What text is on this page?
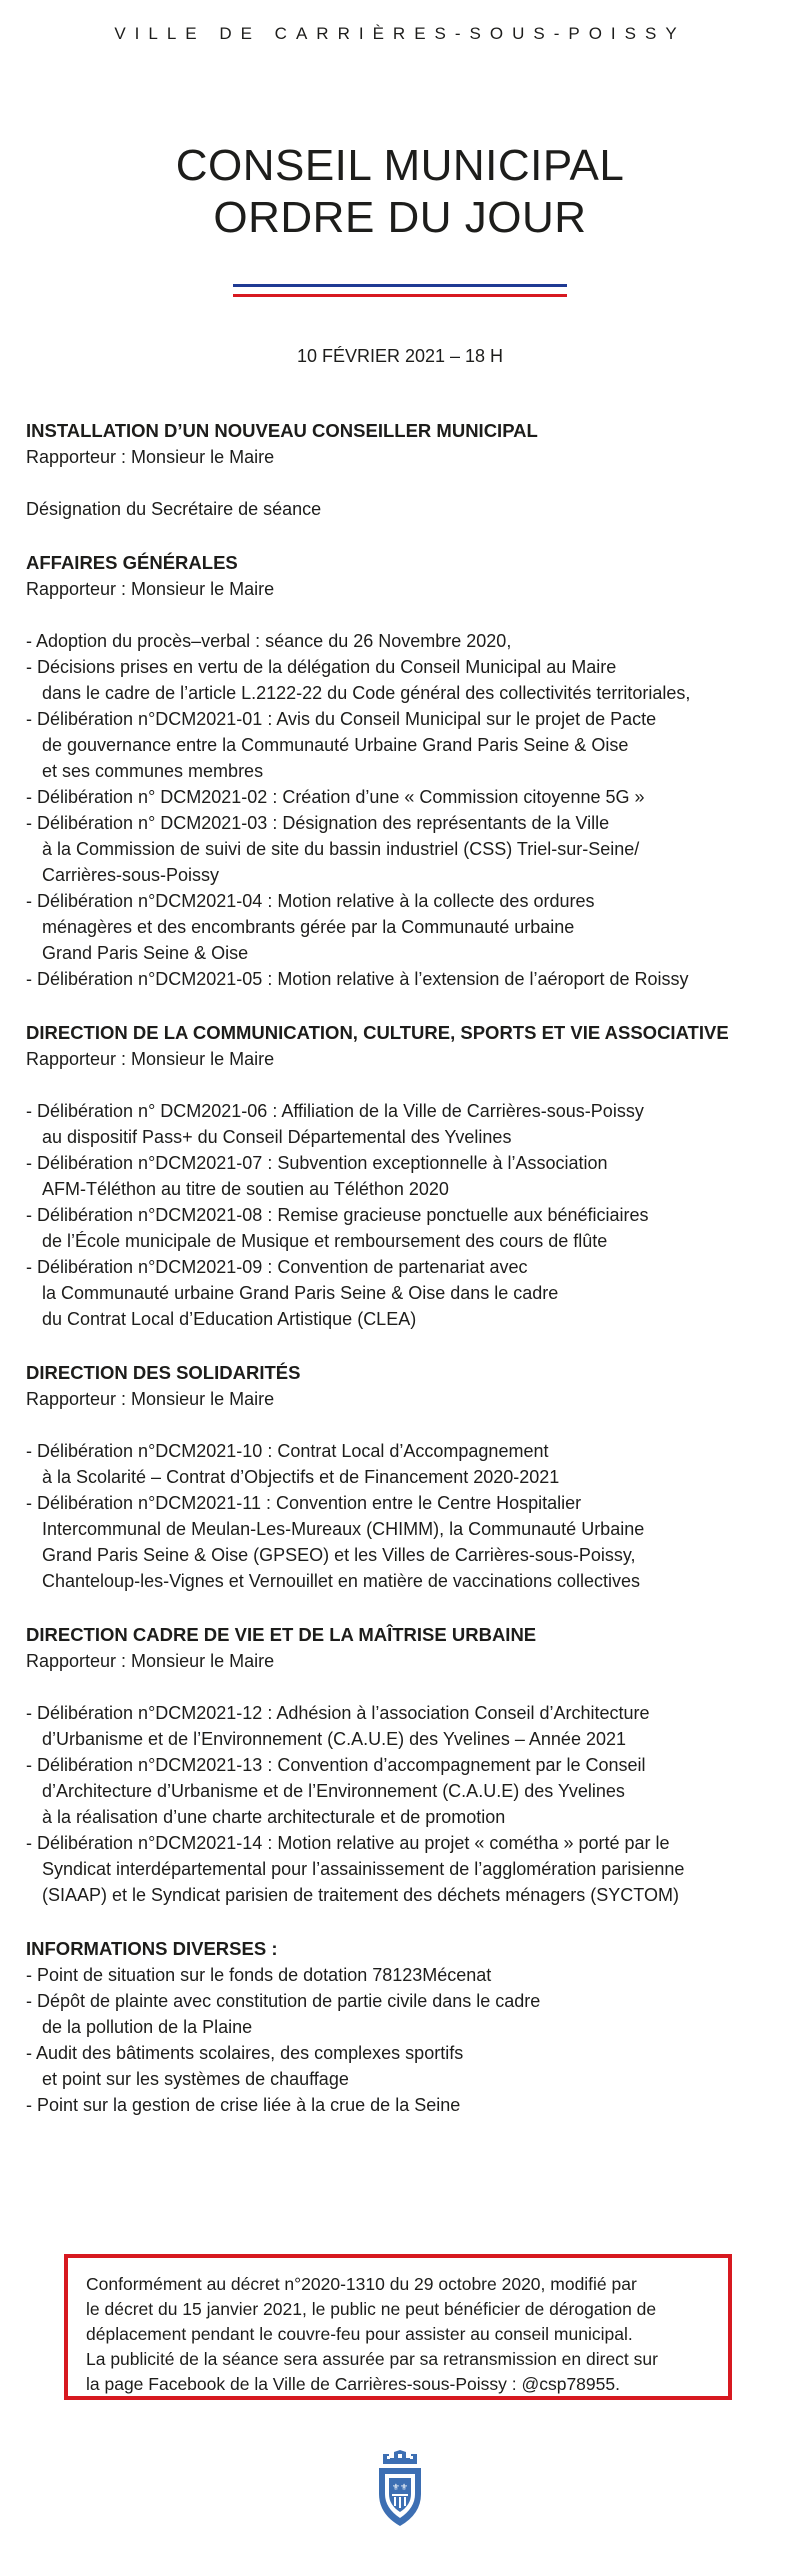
VILLE DE CARRIÈRES-SOUS-POISSY
CONSEIL MUNICIPAL
ORDRE DU JOUR
10 FÉVRIER 2021 – 18 H
INSTALLATION D’UN NOUVEAU CONSEILLER MUNICIPAL
Rapporteur : Monsieur le Maire
Désignation du Secrétaire de séance
AFFAIRES GÉNÉRALES
Rapporteur : Monsieur le Maire
- Adoption du procès–verbal : séance du 26 Novembre 2020,
- Décisions prises en vertu de la délégation du Conseil Municipal au Maire
dans le cadre de l’article L.2122-22 du Code général des collectivités territoriales,
- Délibération n°DCM2021-01 : Avis du Conseil Municipal sur le projet de Pacte
de gouvernance entre la Communauté Urbaine Grand Paris Seine & Oise
et ses communes membres
- Délibération n° DCM2021-02 : Création d’une « Commission citoyenne 5G »
- Délibération n° DCM2021-03 : Désignation des représentants de la Ville
à la Commission de suivi de site du bassin industriel (CSS) Triel-sur-Seine/
Carrières-sous-Poissy
- Délibération n°DCM2021-04 : Motion relative à la collecte des ordures
ménagères et des encombrants gérée par la Communauté urbaine
Grand Paris Seine & Oise
- Délibération n°DCM2021-05 : Motion relative à l’extension de l’aéroport de Roissy
DIRECTION DE LA COMMUNICATION, CULTURE, SPORTS ET VIE ASSOCIATIVE
Rapporteur : Monsieur le Maire
- Délibération n° DCM2021-06 : Affiliation de la Ville de Carrières-sous-Poissy
au dispositif Pass+ du Conseil Départemental des Yvelines
- Délibération n°DCM2021-07 : Subvention exceptionnelle à l’Association
AFM-Téléthon au titre de soutien au Téléthon 2020
- Délibération n°DCM2021-08 : Remise gracieuse ponctuelle aux bénéficiaires
de l’École municipale de Musique et remboursement des cours de flûte
- Délibération n°DCM2021-09 : Convention de partenariat avec
la Communauté urbaine Grand Paris Seine & Oise dans le cadre
du Contrat Local d’Education Artistique (CLEA)
DIRECTION DES SOLIDARITÉS
Rapporteur : Monsieur le Maire
- Délibération n°DCM2021-10 : Contrat Local d’Accompagnement
à la Scolarité – Contrat d’Objectifs et de Financement 2020-2021
- Délibération n°DCM2021-11 : Convention entre le Centre Hospitalier
Intercommunal de Meulan-Les-Mureaux (CHIMM), la Communauté Urbaine
Grand Paris Seine & Oise (GPSEO) et les Villes de Carrières-sous-Poissy,
Chanteloup-les-Vignes et Vernouillet en matière de vaccinations collectives
DIRECTION CADRE DE VIE ET DE LA MAÎTRISE URBAINE
Rapporteur : Monsieur le Maire
- Délibération n°DCM2021-12 : Adhésion à l’association Conseil d’Architecture
d’Urbanisme et de l’Environnement (C.A.U.E) des Yvelines – Année 2021
- Délibération n°DCM2021-13 : Convention d’accompagnement par le Conseil
d’Architecture d’Urbanisme et de l’Environnement (C.A.U.E) des Yvelines
à la réalisation d’une charte architecturale et de promotion
- Délibération n°DCM2021-14 : Motion relative au projet « cométha » porté par le
Syndicat interdépartemental pour l’assainissement de l’agglomération parisienne
(SIAAP) et le Syndicat parisien de traitement des déchets ménagers (SYCTOM)
INFORMATIONS DIVERSES :
- Point de situation sur le fonds de dotation 78123Mécenat
- Dépôt de plainte avec constitution de partie civile dans le cadre
de la pollution de la Plaine
- Audit des bâtiments scolaires, des complexes sportifs
et point sur les systèmes de chauffage
- Point sur la gestion de crise liée à la crue de la Seine
Conformément au décret n°2020-1310 du 29 octobre 2020, modifié par
le décret du 15 janvier 2021, le public ne peut bénéficier de dérogation de
déplacement pendant le couvre-feu pour assister au conseil municipal.
La publicité de la séance sera assurée par sa retransmission en direct sur
la page Facebook de la Ville de Carrières-sous-Poissy : @csp78955.
⚜⚜
